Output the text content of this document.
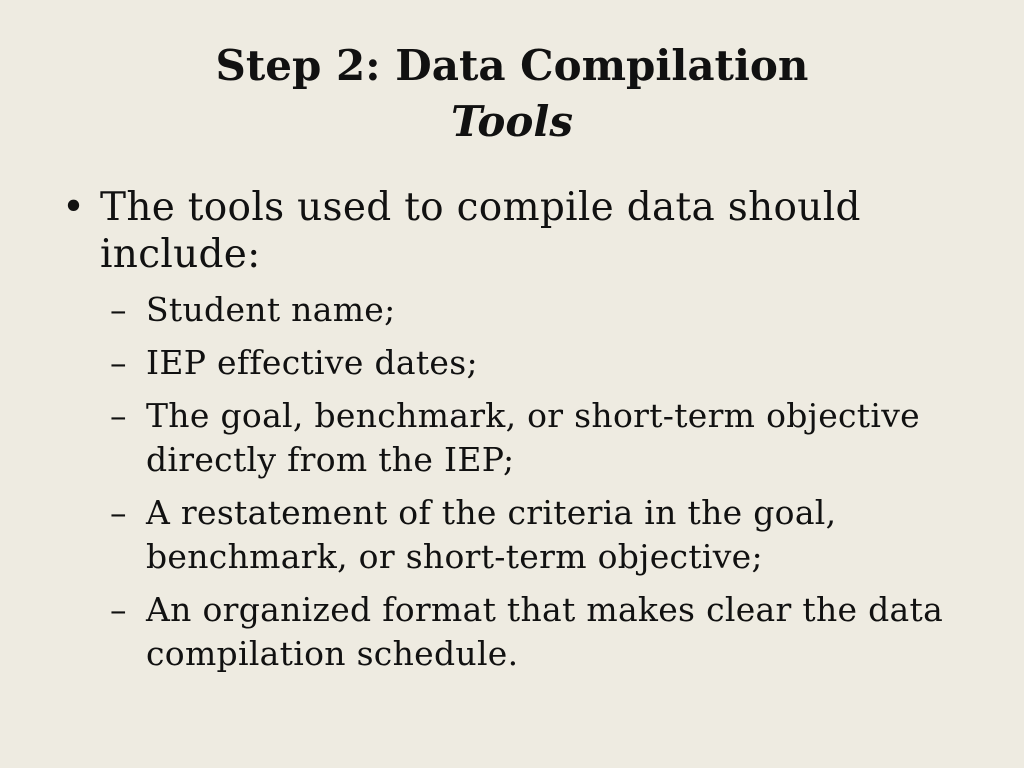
Step 2: Data Compilation
Tools
• The tools used to compile data should include:
– Student name;
– IEP effective dates;
– The goal, benchmark, or short-term objective directly from the IEP;
– A restatement of the criteria in the goal, benchmark, or short-term objective;
– An organized format that makes clear the data compilation schedule.
